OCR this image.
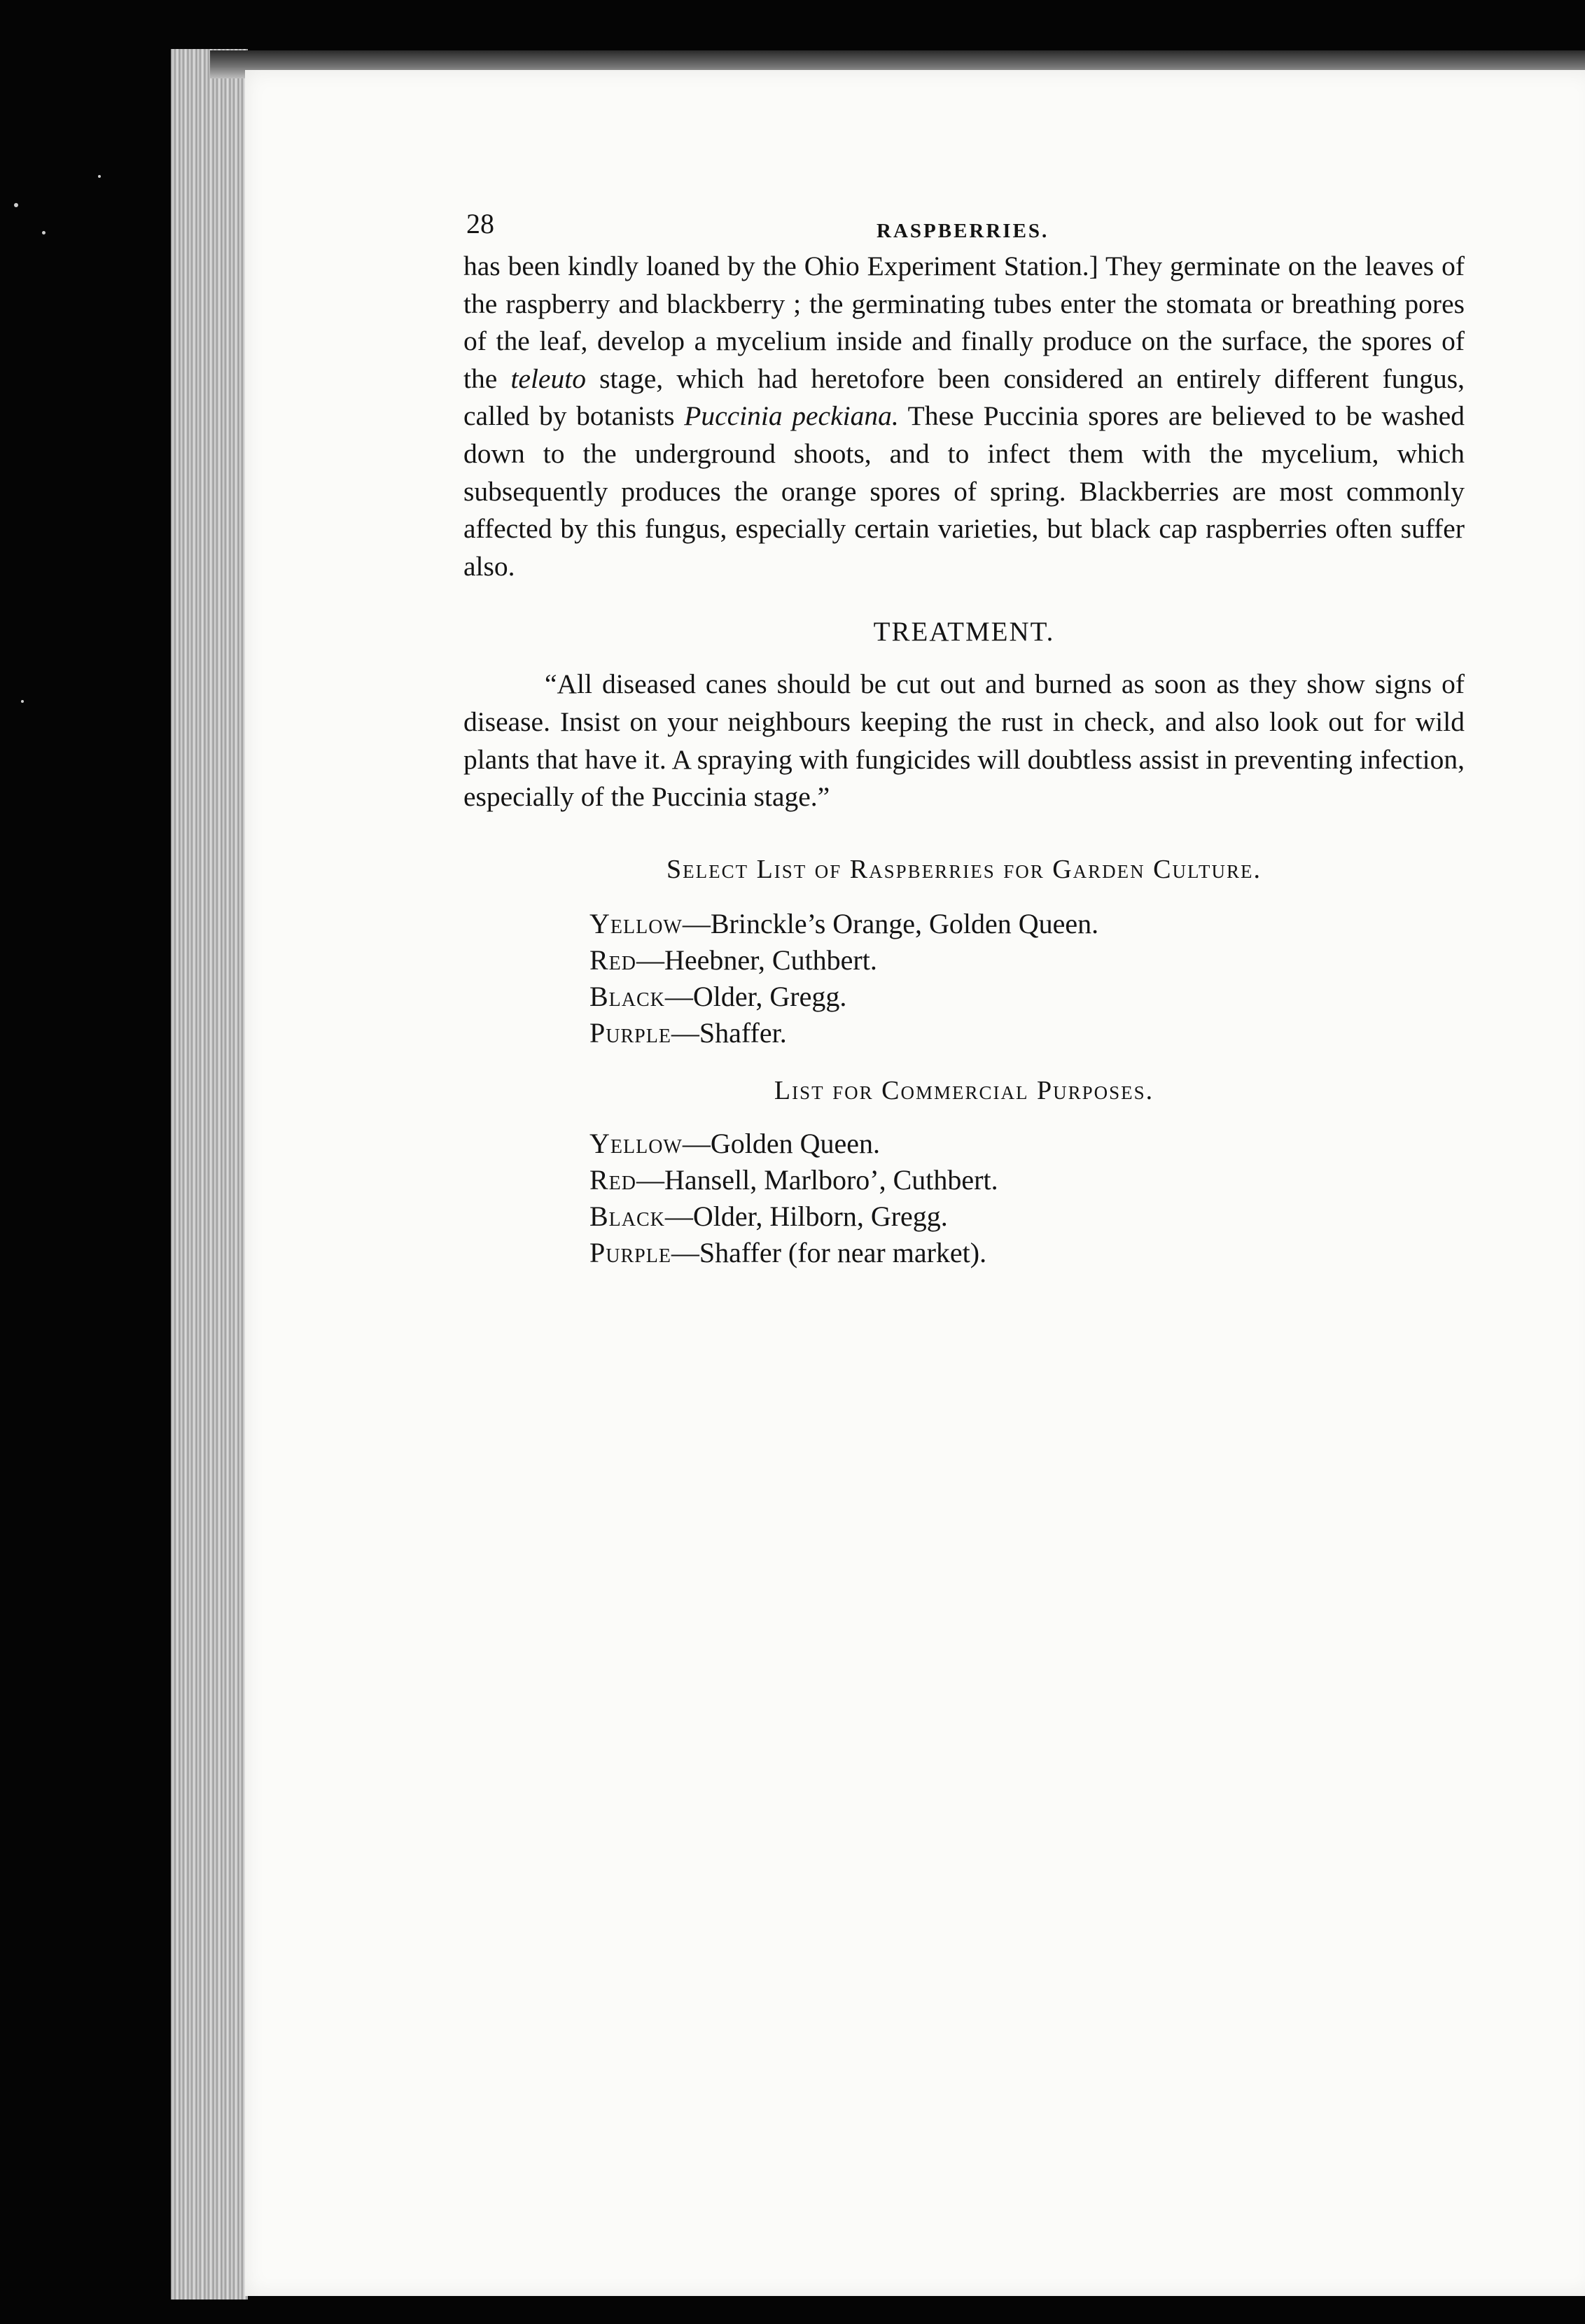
28	RASPBERRIES.

has been kindly loaned by the Ohio Experiment Station.] They germinate on the leaves of the raspberry and blackberry ; the germinating tubes enter the stomata or breathing pores of the leaf, develop a mycelium inside and finally produce on the surface, the spores of the teleuto stage, which had heretofore been considered an entirely different fungus, called by botanists Puccinia peckiana. These Puccinia spores are believed to be washed down to the underground shoots, and to infect them with the mycelium, which subsequently produces the orange spores of spring. Blackberries are most commonly affected by this fungus, especially certain varieties, but black cap raspberries often suffer also.

TREATMENT.

“All diseased canes should be cut out and burned as soon as they show signs of disease. Insist on your neighbours keeping the rust in check, and also look out for wild plants that have it. A spraying with fungicides will doubtless assist in preventing infection, especially of the Puccinia stage.”

Select List of Raspberries for Garden Culture.
Yellow—Brinckle’s Orange, Golden Queen.
Red—Heebner, Cuthbert.
Black—Older, Gregg.
Purple—Shaffer.
List for Commercial Purposes.
Yellow—Golden Queen.
Red—Hansell, Marlboro’, Cuthbert.
Black—Older, Hilborn, Gregg.
Purple—Shaffer (for near market).
